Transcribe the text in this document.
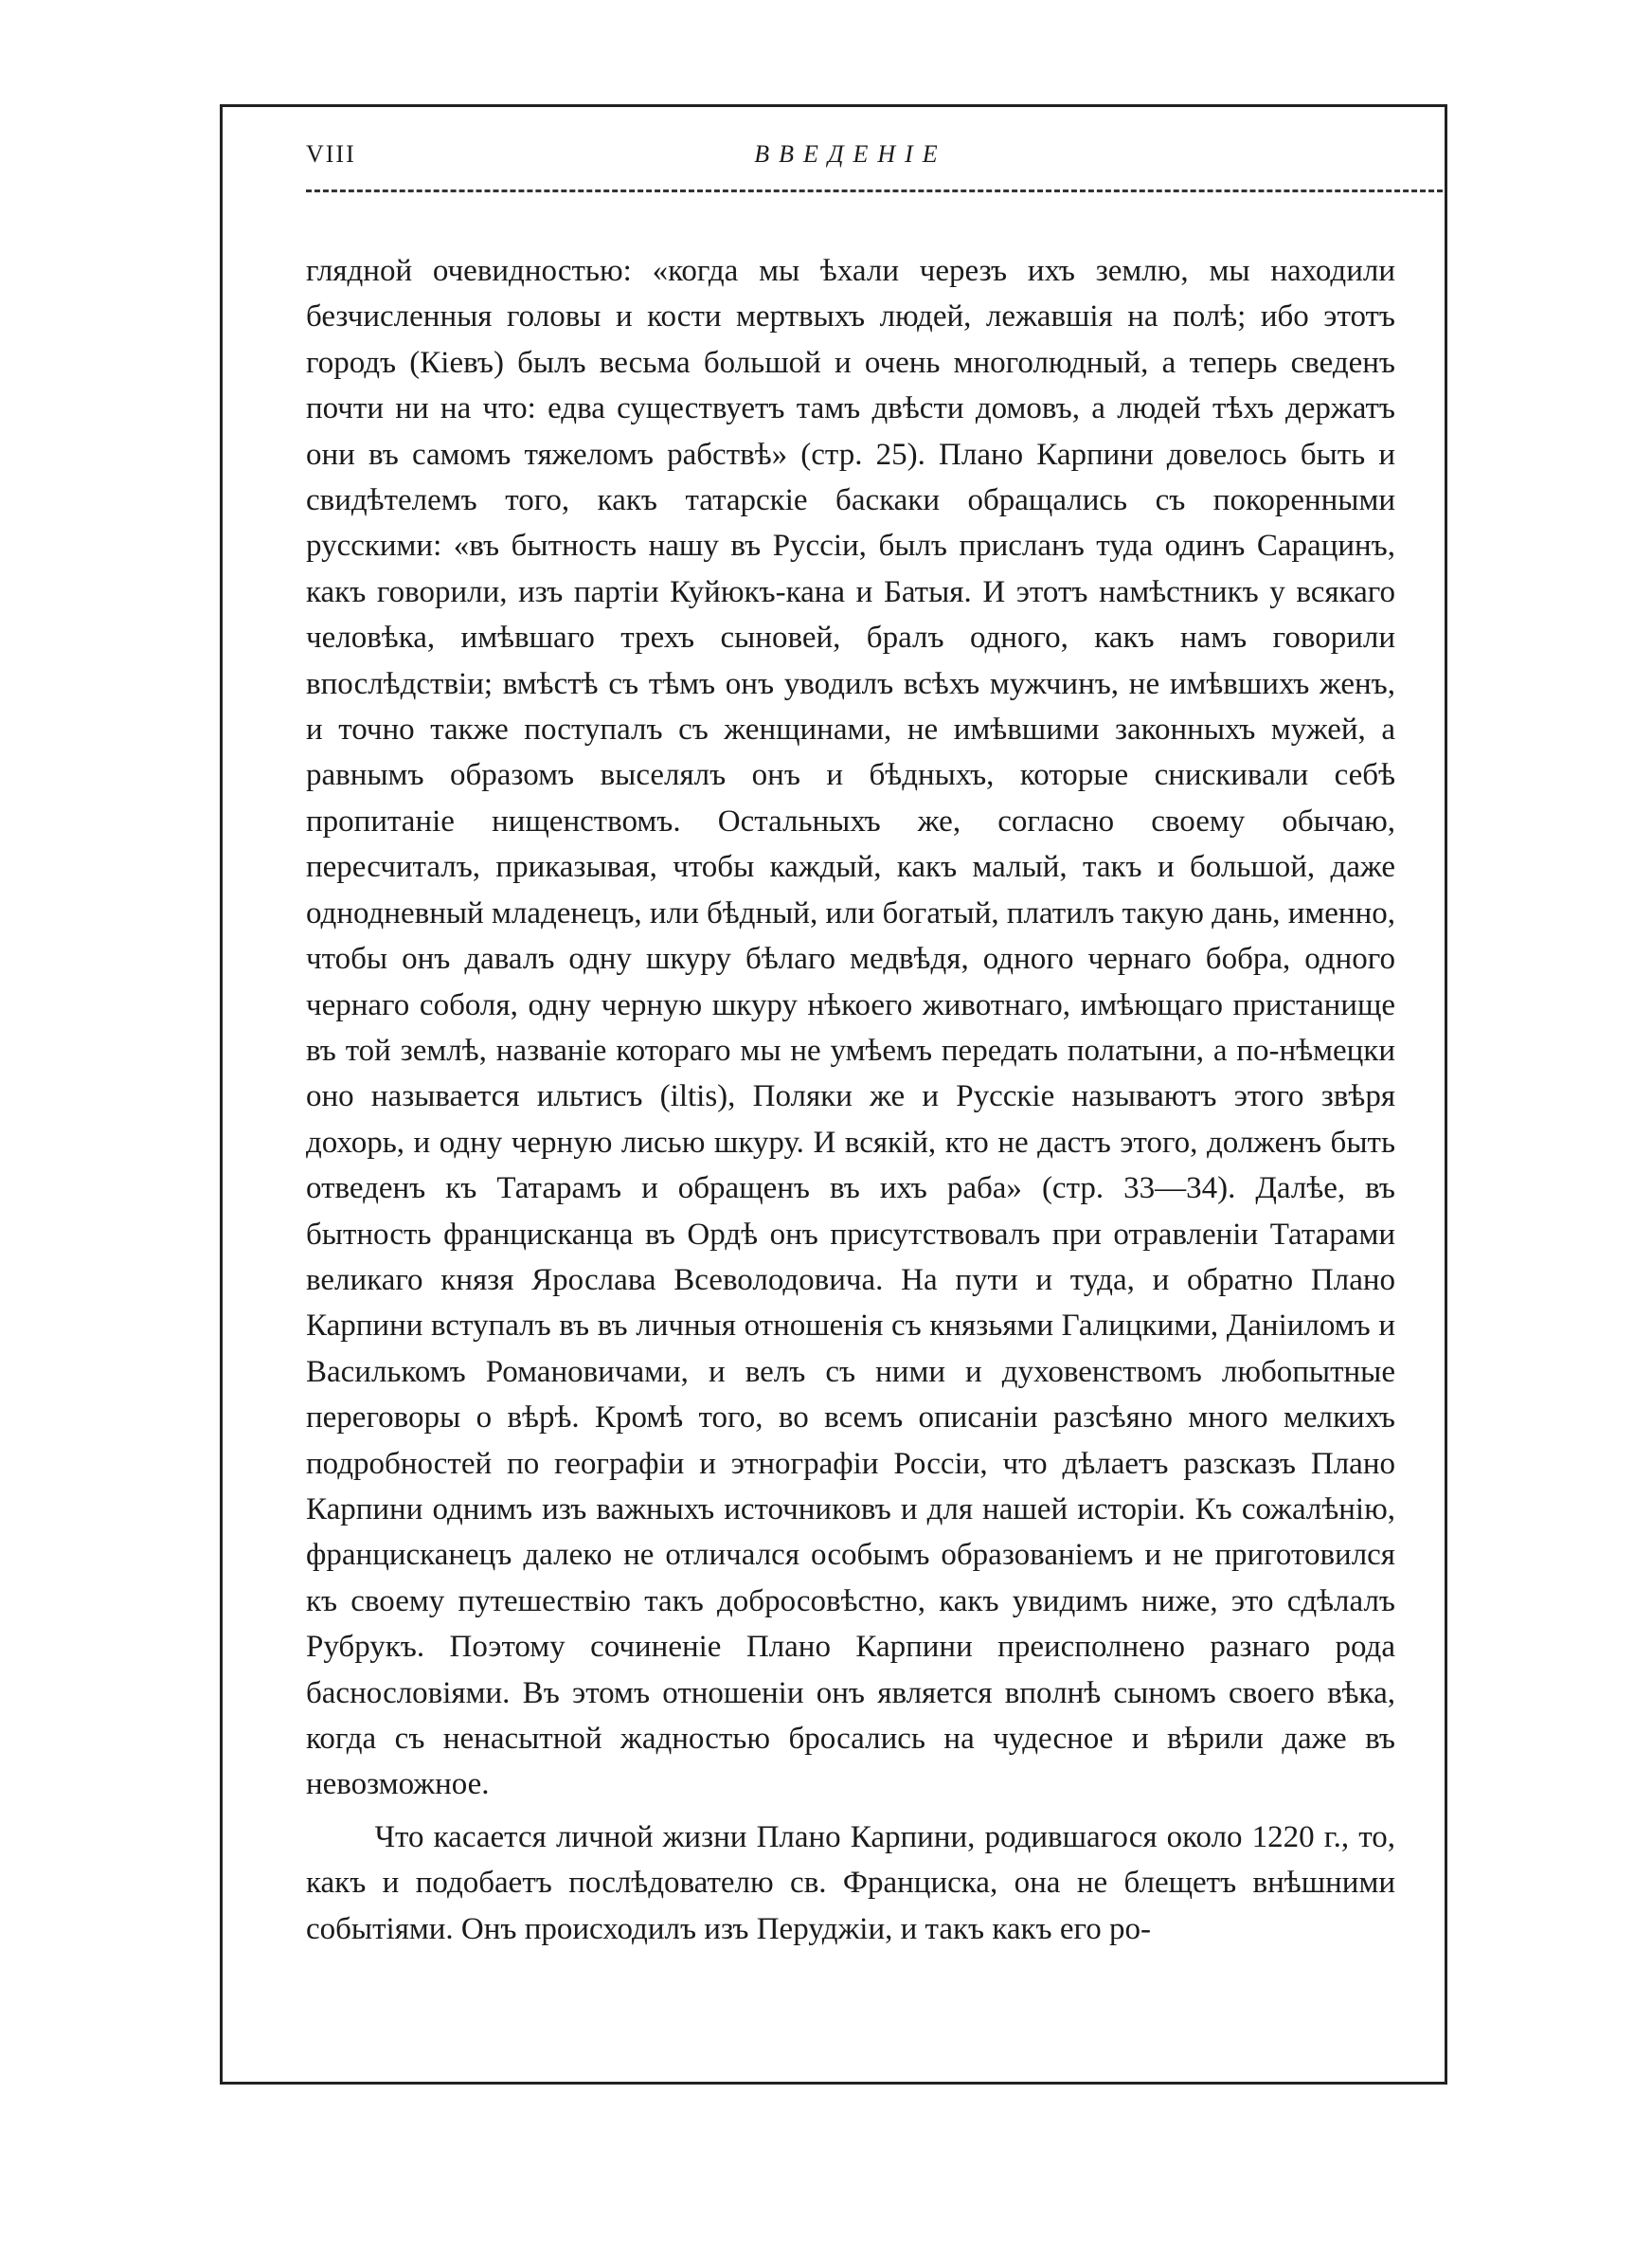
VIII	ВВЕДЕНІЕ

глядной очевидностью: «когда мы ѣхали черезъ ихъ землю, мы находили безчисленныя головы и кости мертвыхъ людей, лежавшія на полѣ; ибо этотъ городъ (Кіевъ) былъ весьма большой и очень многолюдный, а теперь сведенъ почти ни на что: едва существуетъ тамъ двѣсти домовъ, а людей тѣхъ держатъ они въ самомъ тяжеломъ рабствѣ» (стр. 25). Плано Карпини довелось быть и свидѣтелемъ того, какъ татарскіе баскаки обращались съ покоренными русскими: «въ бытность нашу въ Руссіи, былъ присланъ туда одинъ Сарацинъ, какъ говорили, изъ партіи Куйюкъ-кана и Батыя. И этотъ намѣстникъ у всякаго человѣка, имѣвшаго трехъ сыновей, бралъ одного, какъ намъ говорили впослѣдствіи; вмѣстѣ съ тѣмъ онъ уводилъ всѣхъ мужчинъ, не имѣвшихъ женъ, и точно также поступалъ съ женщинами, не имѣвшими законныхъ мужей, а равнымъ образомъ выселялъ онъ и бѣдныхъ, которые снискивали себѣ пропитаніе нищенствомъ. Остальныхъ же, согласно своему обычаю, пересчиталъ, приказывая, чтобы каждый, какъ малый, такъ и большой, даже однодневный младенецъ, или бѣдный, или богатый, платилъ такую дань, именно, чтобы онъ давалъ одну шкуру бѣлаго медвѣдя, одного чернаго бобра, одного чернаго соболя, одну черную шкуру нѣкоего животнаго, имѣющаго пристанище въ той землѣ, названіе котораго мы не умѣемъ передать полатыни, а по-нѣмецки оно называется ильтисъ (iltis), Поляки же и Русскіе называютъ этого звѣря дохорь, и одну черную лисью шкуру. И всякій, кто не дастъ этого, долженъ быть отведенъ къ Татарамъ и обращенъ въ ихъ раба» (стр. 33—34). Далѣе, въ бытность францисканца въ Ордѣ онъ присутствовалъ при отравленіи Татарами великаго князя Ярослава Всеволодовича. На пути и туда, и обратно Плано Карпини вступалъ въ въ личныя отношенія съ князьями Галицкими, Даніиломъ и Василькомъ Романовичами, и велъ съ ними и духовенствомъ любопытные переговоры о вѣрѣ. Кромѣ того, во всемъ описаніи разсѣяно много мелкихъ подробностей по географіи и этнографіи Россіи, что дѣлаетъ разсказъ Плано Карпини однимъ изъ важныхъ источниковъ и для нашей исторіи. Къ сожалѣнію, францисканецъ далеко не отличался особымъ образованіемъ и не приготовился къ своему путешествію такъ добросовѣстно, какъ увидимъ ниже, это сдѣлалъ Рубрукъ. Поэтому сочиненіе Плано Карпини преисполнено разнаго рода баснословіями. Въ этомъ отношеніи онъ является вполнѣ сыномъ своего вѣка, когда съ ненасытной жадностью бросались на чудесное и вѣрили даже въ невозможное.

Что касается личной жизни Плано Карпини, родившагося около 1220 г., то, какъ и подобаетъ послѣдователю св. Франциска, она не блещетъ внѣшними событіями. Онъ происходилъ изъ Перуджіи, и такъ какъ его ро-
